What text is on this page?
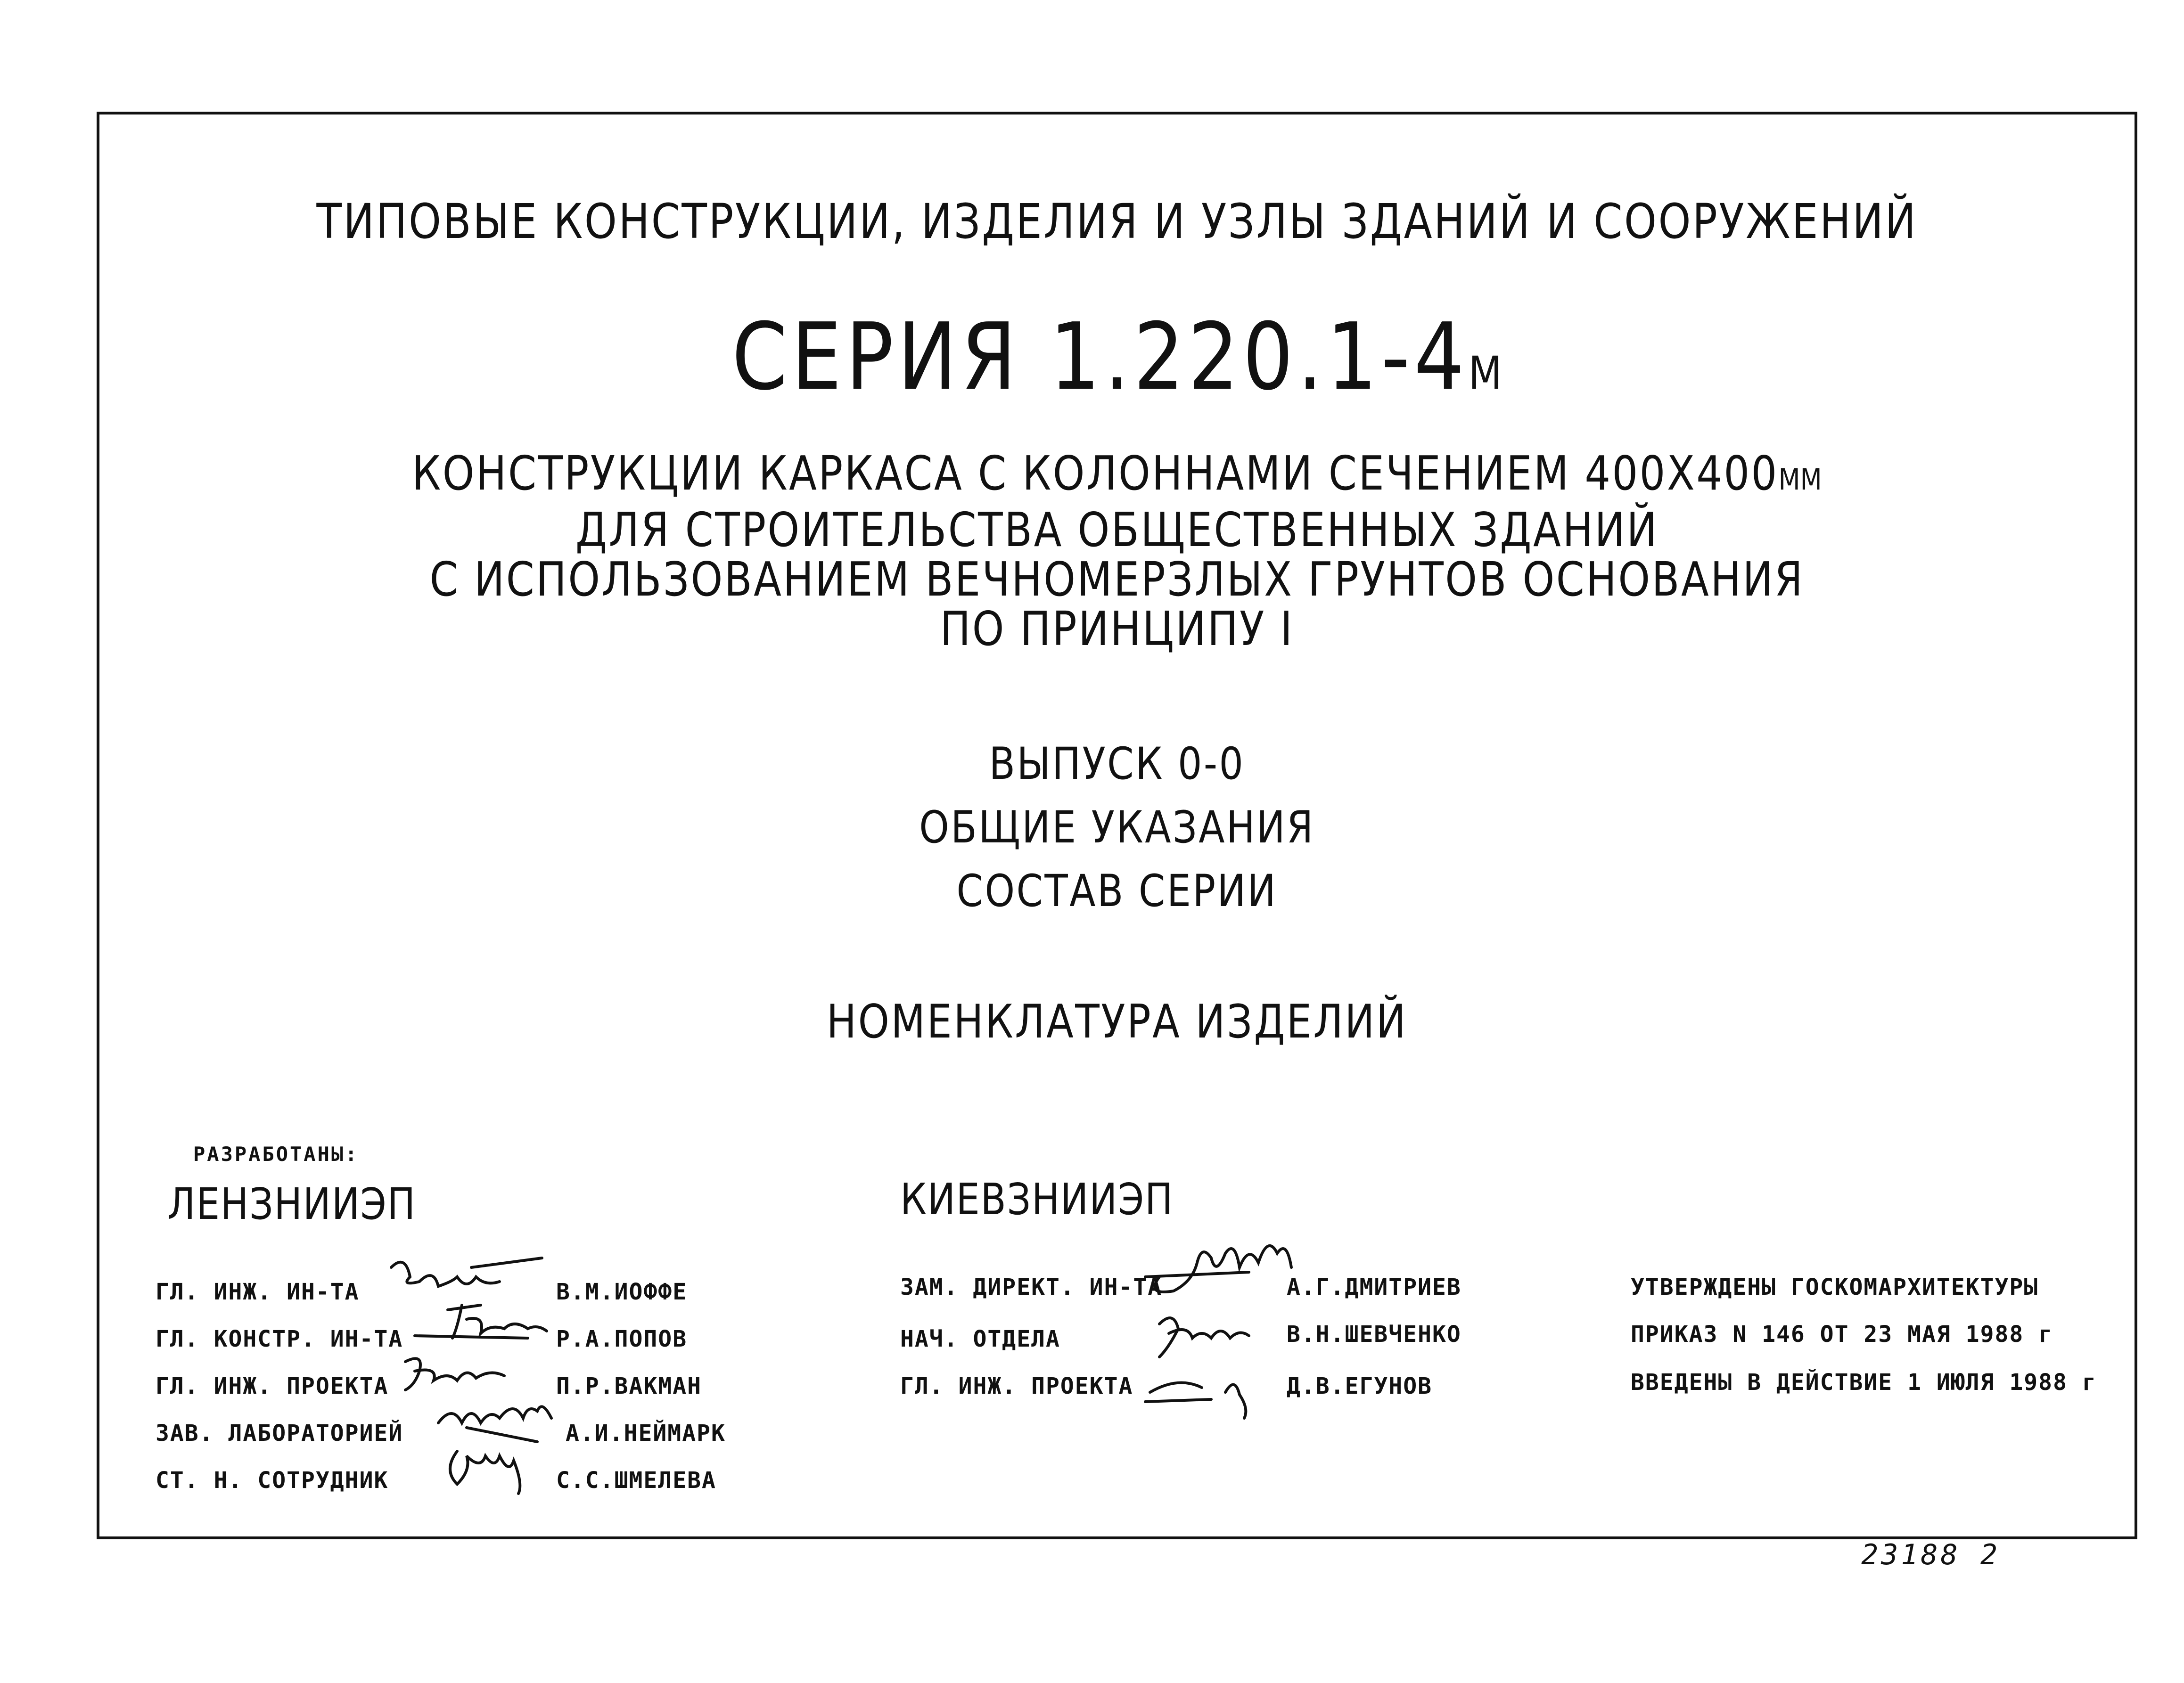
ТИПОВЫЕ КОНСТРУКЦИИ, ИЗДЕЛИЯ И УЗЛЫ ЗДАНИЙ И СООРУЖЕНИЙ
СЕРИЯ 1.220.1-4М
КОНСТРУКЦИИ КАРКАСА С КОЛОННАМИ СЕЧЕНИЕМ 400Х400ММ
ДЛЯ СТРОИТЕЛЬСТВА ОБЩЕСТВЕННЫХ ЗДАНИЙ
С ИСПОЛЬЗОВАНИЕМ ВЕЧНОМЕРЗЛЫХ ГРУНТОВ ОСНОВАНИЯ
ПО ПРИНЦИПУ I
ВЫПУСК 0-0
ОБЩИЕ УКАЗАНИЯ
СОСТАВ СЕРИИ
НОМЕНКЛАТУРА ИЗДЕЛИЙ
РАЗРАБОТАНЫ:
ЛЕНЗНИИЭП	КИЕВЗНИИЭП
ГЛ. ИНЖ. ИН-ТА	В.М.ИОФФЕ
ГЛ. КОНСТР. ИН-ТА	Р.А.ПОПОВ
ГЛ. ИНЖ. ПРОЕКТА	П.Р.ВАКМАН
ЗАВ. ЛАБОРАТОРИЕЙ	А.И.НЕЙМАРК
СТ. Н. СОТРУДНИК	С.С.ШМЕЛЕВА
ЗАМ. ДИРЕКТ. ИН-ТА	А.Г.ДМИТРИЕВ
НАЧ. ОТДЕЛА	В.Н.ШЕВЧЕНКО
ГЛ. ИНЖ. ПРОЕКТА	Д.В.ЕГУНОВ
УТВЕРЖДЕНЫ ГОСКОМАРХИТЕКТУРЫ
ПРИКАЗ N 146 ОТ 23 МАЯ 1988 г
ВВЕДЕНЫ В ДЕЙСТВИЕ 1 ИЮЛЯ 1988 г
23188 2
